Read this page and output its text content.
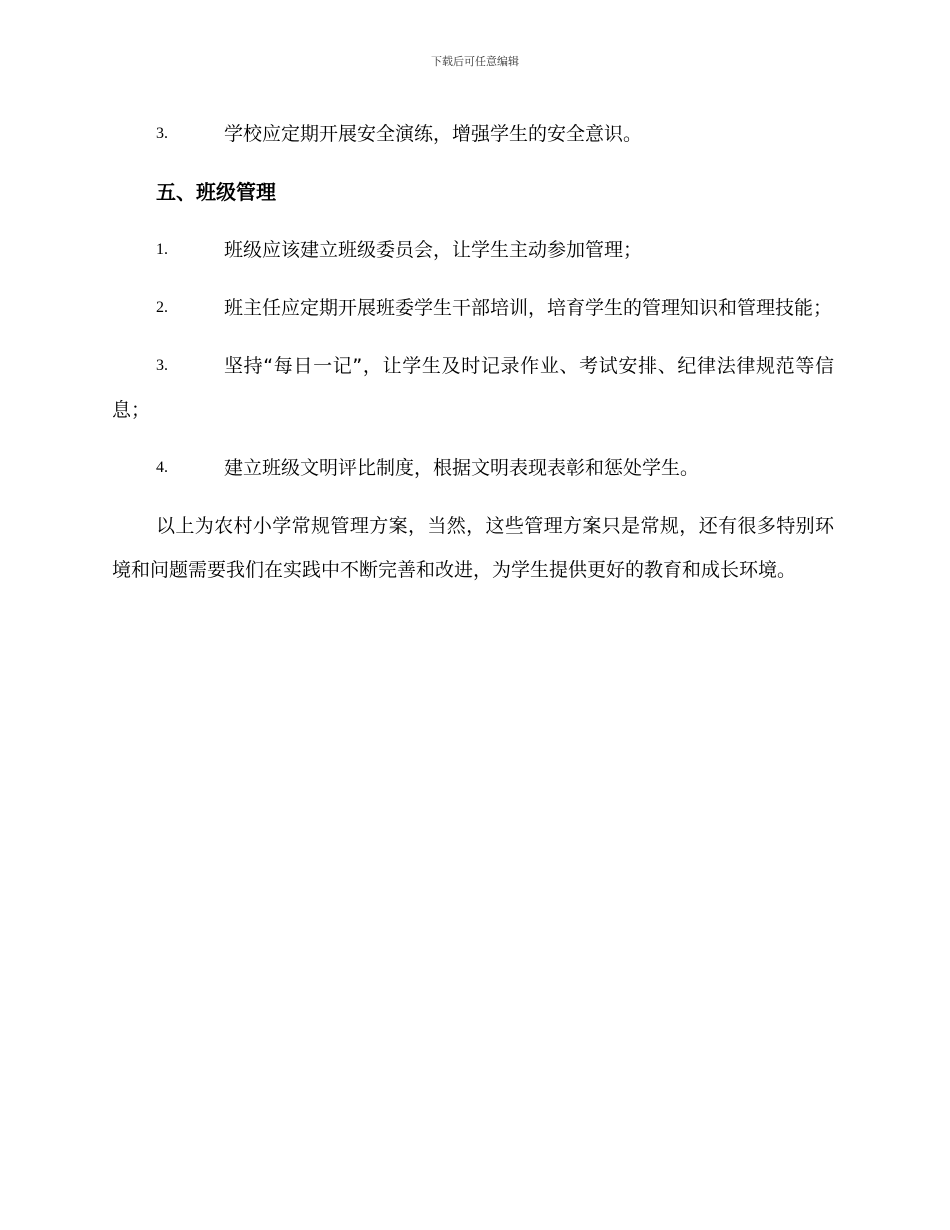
下载后可任意编辑
3.	学校应定期开展安全演练，增强学生的安全意识。
五、班级管理
1.	班级应该建立班级委员会，让学生主动参加管理；
2.	班主任应定期开展班委学生干部培训，培育学生的管理知识和管理技能；
3.	坚持“每日一记”，让学生及时记录作业、考试安排、纪律法律规范等信息；
4.	建立班级文明评比制度，根据文明表现表彰和惩处学生。
以上为农村小学常规管理方案，当然，这些管理方案只是常规，还有很多特别环境和问题需要我们在实践中不断完善和改进，为学生提供更好的教育和成长环境。
